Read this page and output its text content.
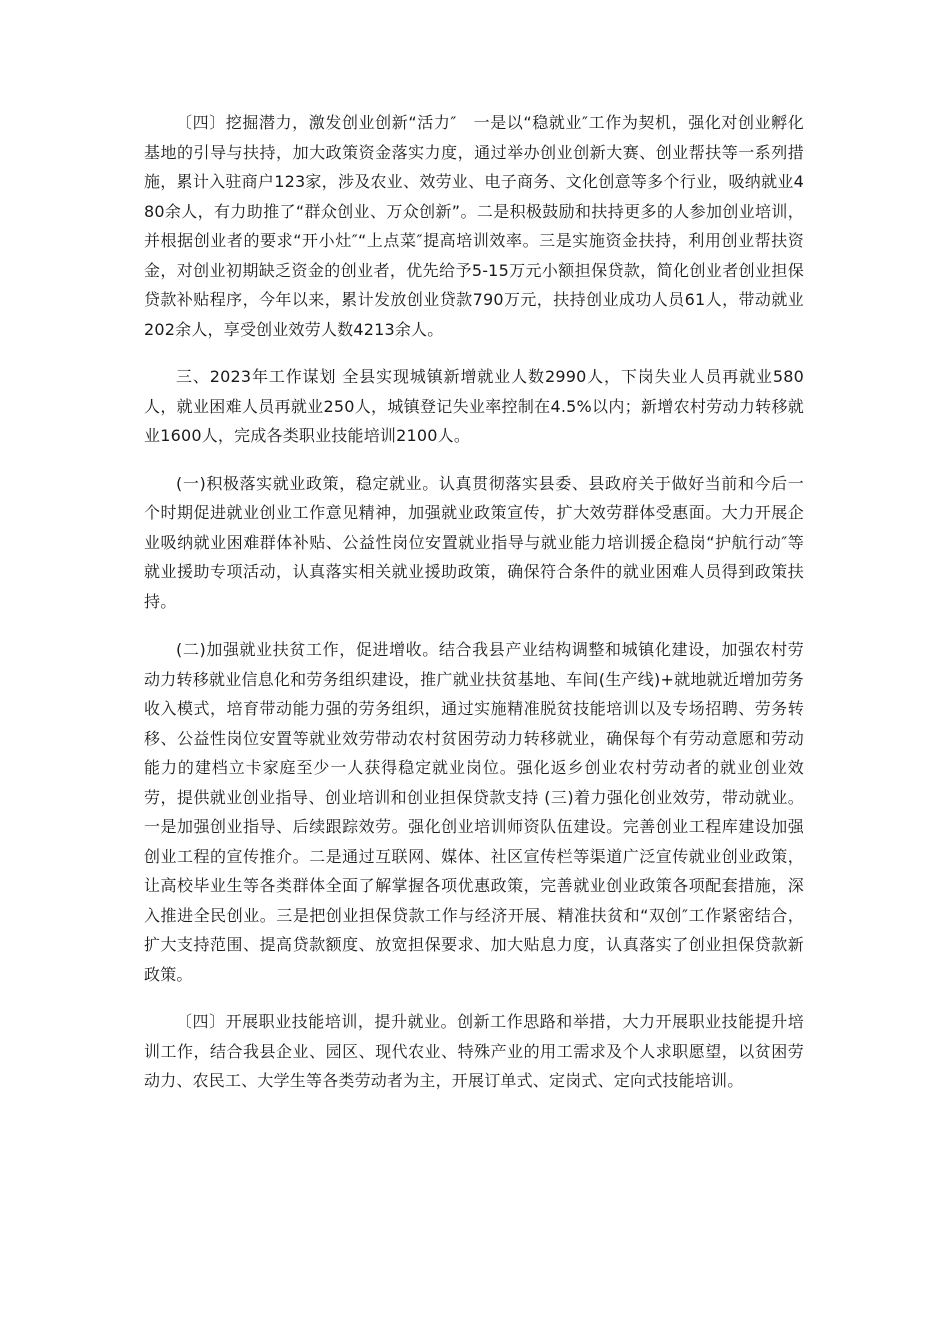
〔四〕挖掘潜力，激发创业创新“活力″　一是以“稳就业″工作为契机，强化对创业孵化基地的引导与扶持，加大政策资金落实力度，通过举办创业创新大赛、创业帮扶等一系列措施，累计入驻商户123家，涉及农业、效劳业、电子商务、文化创意等多个行业，吸纳就业480余人，有力助推了“群众创业、万众创新”。二是积极鼓励和扶持更多的人参加创业培训，并根据创业者的要求“开小灶″“上点菜″提高培训效率。三是实施资金扶持，利用创业帮扶资金，对创业初期缺乏资金的创业者，优先给予5-15万元小额担保贷款，简化创业者创业担保贷款补贴程序，今年以来，累计发放创业贷款790万元，扶持创业成功人员61人，带动就业202余人，享受创业效劳人数4213余人。

三、2023年工作谋划 全县实现城镇新增就业人数2990人，下岗失业人员再就业580人，就业困难人员再就业250人，城镇登记失业率控制在4.5%以内；新增农村劳动力转移就业1600人，完成各类职业技能培训2100人。

(一)积极落实就业政策，稳定就业。认真贯彻落实县委、县政府关于做好当前和今后一个时期促进就业创业工作意见精神，加强就业政策宣传，扩大效劳群体受惠面。大力开展企业吸纳就业困难群体补贴、公益性岗位安置就业指导与就业能力培训援企稳岗“护航行动″等就业援助专项活动，认真落实相关就业援助政策，确保符合条件的就业困难人员得到政策扶持。

(二)加强就业扶贫工作，促进增收。结合我县产业结构调整和城镇化建设，加强农村劳动力转移就业信息化和劳务组织建设，推广就业扶贫基地、车间(生产线)+就地就近增加劳务收入模式，培育带动能力强的劳务组织，通过实施精准脱贫技能培训以及专场招聘、劳务转移、公益性岗位安置等就业效劳带动农村贫困劳动力转移就业，确保每个有劳动意愿和劳动能力的建档立卡家庭至少一人获得稳定就业岗位。强化返乡创业农村劳动者的就业创业效劳，提供就业创业指导、创业培训和创业担保贷款支持 (三)着力强化创业效劳，带动就业。一是加强创业指导、后续跟踪效劳。强化创业培训师资队伍建设。完善创业工程库建设加强创业工程的宣传推介。二是通过互联网、媒体、社区宣传栏等渠道广泛宣传就业创业政策，让高校毕业生等各类群体全面了解掌握各项优惠政策，完善就业创业政策各项配套措施，深入推进全民创业。三是把创业担保贷款工作与经济开展、精准扶贫和“双创″工作紧密结合，扩大支持范围、提高贷款额度、放宽担保要求、加大贴息力度，认真落实了创业担保贷款新政策。

〔四〕开展职业技能培训，提升就业。创新工作思路和举措，大力开展职业技能提升培训工作，结合我县企业、园区、现代农业、特殊产业的用工需求及个人求职愿望，以贫困劳动力、农民工、大学生等各类劳动者为主，开展订单式、定岗式、定向式技能培训。
